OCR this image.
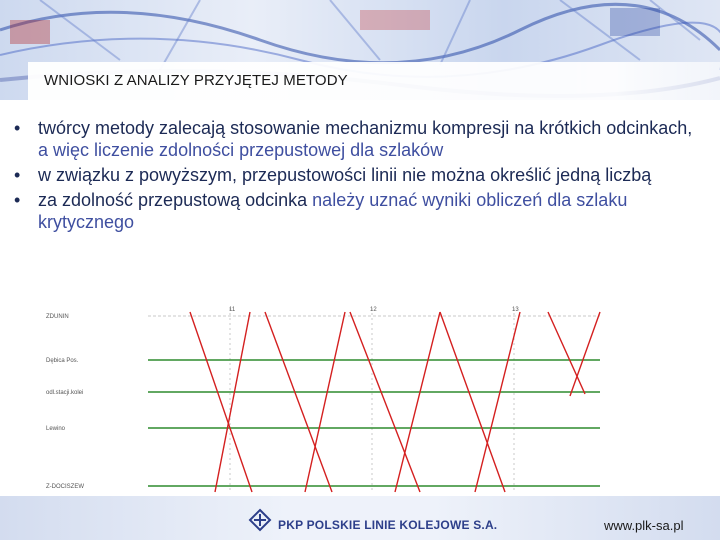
WNIOSKI Z ANALIZY PRZYJĘTEJ METODY
• twórcy metody zalecają stosowanie mechanizmu kompresji na krótkich odcinkach, a więc liczenie zdolności przepustowej dla szlaków
• w związku z powyższym, przepustowości linii nie można określić jedną liczbą
• za zdolność przepustową odcinka należy uznać wyniki obliczeń dla szlaku krytycznego
11	12	13
ZDUNIN
Dębica Pos.
odl.stacji.kolei
Lewino
Z-DOCISZEW
PKP POLSKIE LINIE KOLEJOWE S.A.	www.plk-sa.pl
